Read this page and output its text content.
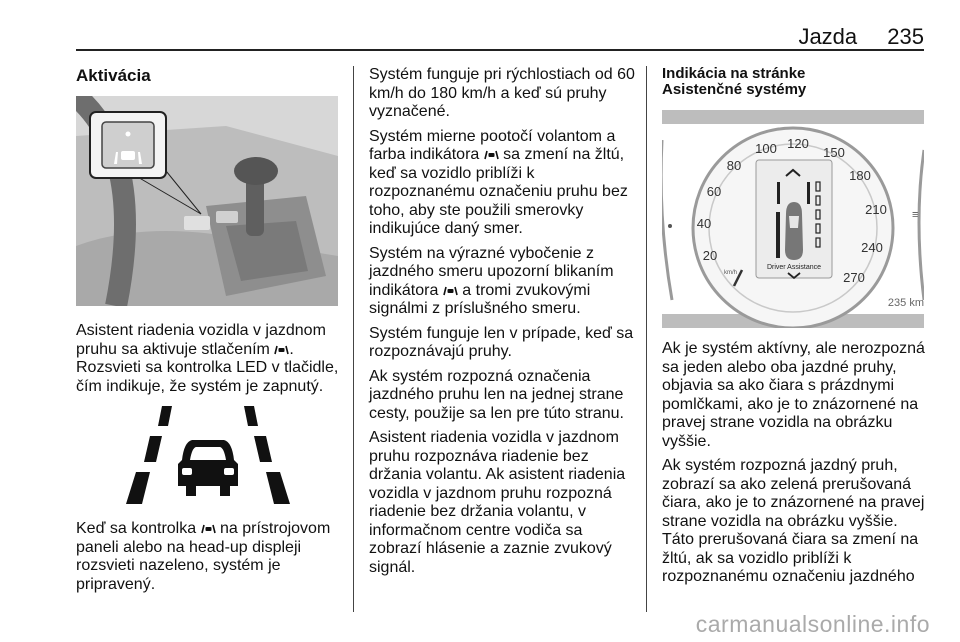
Jazda 235
Aktivácia

Asistent riadenia vozidla v jazdnom pruhu sa aktivuje stlačením . Rozsvieti sa kontrolka LED v tlačidle, čím indikuje, že systém je zapnutý.

Keď sa kontrolka  na prístrojovom paneli alebo na head-up displeji rozsvieti nazeleno, systém je pripravený.

Systém funguje pri rýchlostiach od 60 km/h do 180 km/h a keď sú pruhy vyznačené.

Systém mierne pootočí volantom a farba indikátora  sa zmení na žltú, keď sa vozidlo priblíži k rozpoznanému označeniu pruhu bez toho, aby ste použili smerovky indikujúce daný smer.

Systém na výrazné vybočenie z jazdného smeru upozorní blikaním indikátora  a tromi zvukovými signálmi z príslušného smeru.

Systém funguje len v prípade, keď sa rozpoznávajú pruhy.

Ak systém rozpozná označenia jazdného pruhu len na jednej strane cesty, použije sa len pre túto stranu.

Asistent riadenia vozidla v jazdnom pruhu rozpoznáva riadenie bez držania volantu. Ak asistent riadenia vozidla v jazdnom pruhu rozpozná riadenie bez držania volantu, v informačnom centre vodiča sa zobrazí hlásenie a zaznie zvukový signál.

Indikácia na stránke
Asistenčné systémy
20
40
60
80
100 120
150
180
210
240
270
km/h
≡
Driver Assistance
235 km

Ak je systém aktívny, ale nerozpozná sa jeden alebo oba jazdné pruhy, objavia sa ako čiara s prázdnymi pomlčkami, ako je to znázornené na pravej strane vozidla na obrázku vyššie.

Ak systém rozpozná jazdný pruh, zobrazí sa ako zelená prerušovaná čiara, ako je to znázornené na pravej strane vozidla na obrázku vyššie. Táto prerušovaná čiara sa zmení na žltú, ak sa vozidlo priblíži k rozpoznanému označeniu jazdného

carmanualsonline.info
